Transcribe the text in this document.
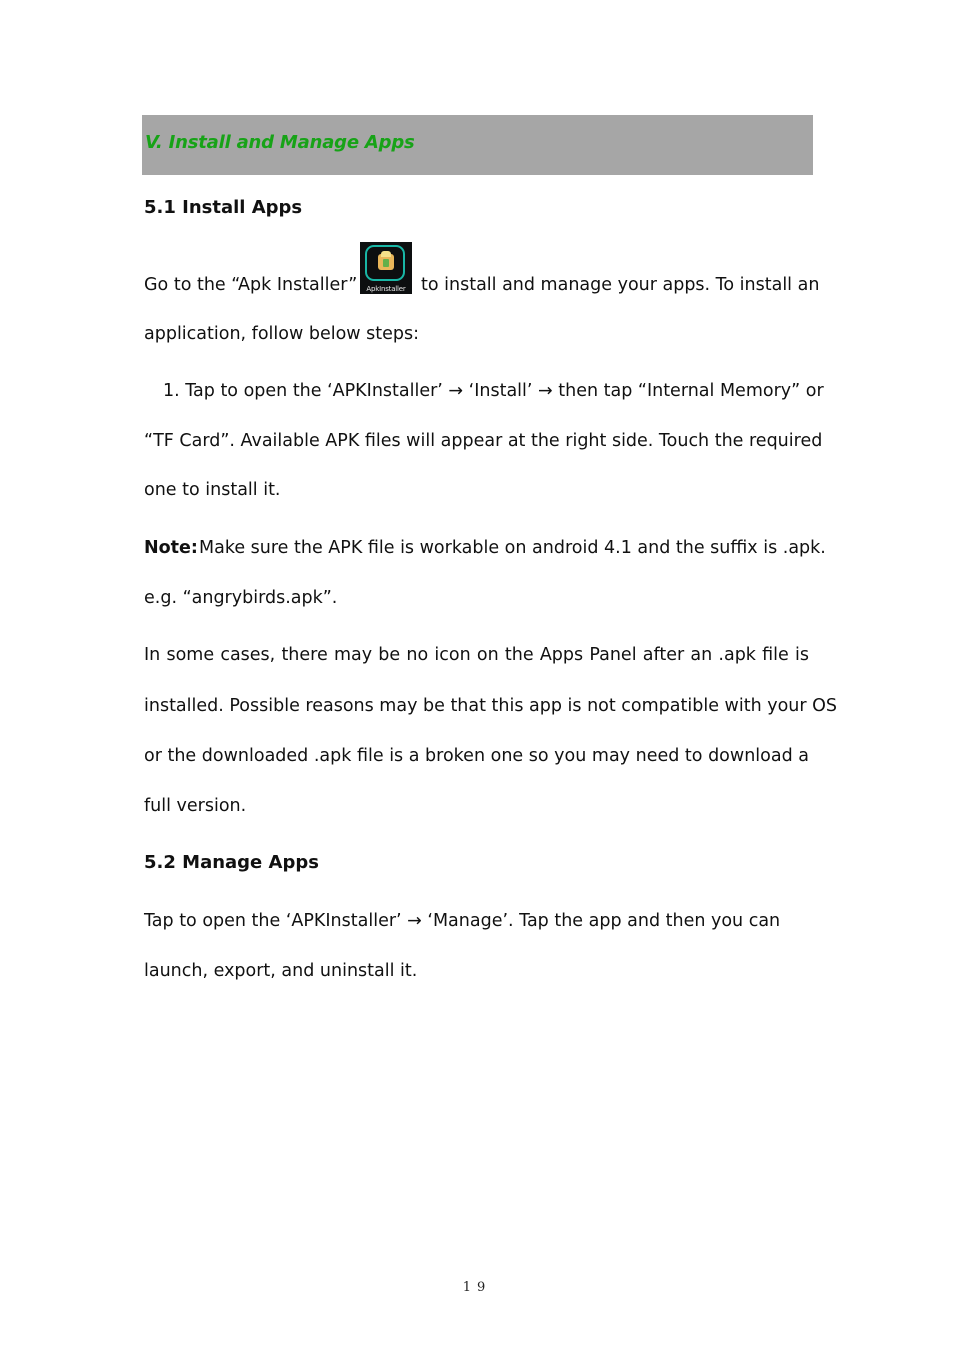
V. Install and Manage Apps
5.1 Install Apps
Go to the “Apk Installer”	ApkInstaller to install and manage your apps. To install an
application, follow below steps:
1. Tap to open the ‘APKInstaller’ → ‘Install’ → then tap “Internal Memory” or
“TF Card”. Available APK files will appear at the right side. Touch the required
one to install it.
Note: Make sure the APK file is workable on android 4.1 and the suffix is .apk.
e.g. “angrybirds.apk”.
In some cases, there may be no icon on the Apps Panel after an .apk file is
installed. Possible reasons may be that this app is not compatible with your OS
or the downloaded .apk file is a broken one so you may need to download a
full version.
5.2 Manage Apps
Tap to open the ‘APKInstaller’ → ‘Manage’. Tap the app and then you can
launch, export, and uninstall it.
19
